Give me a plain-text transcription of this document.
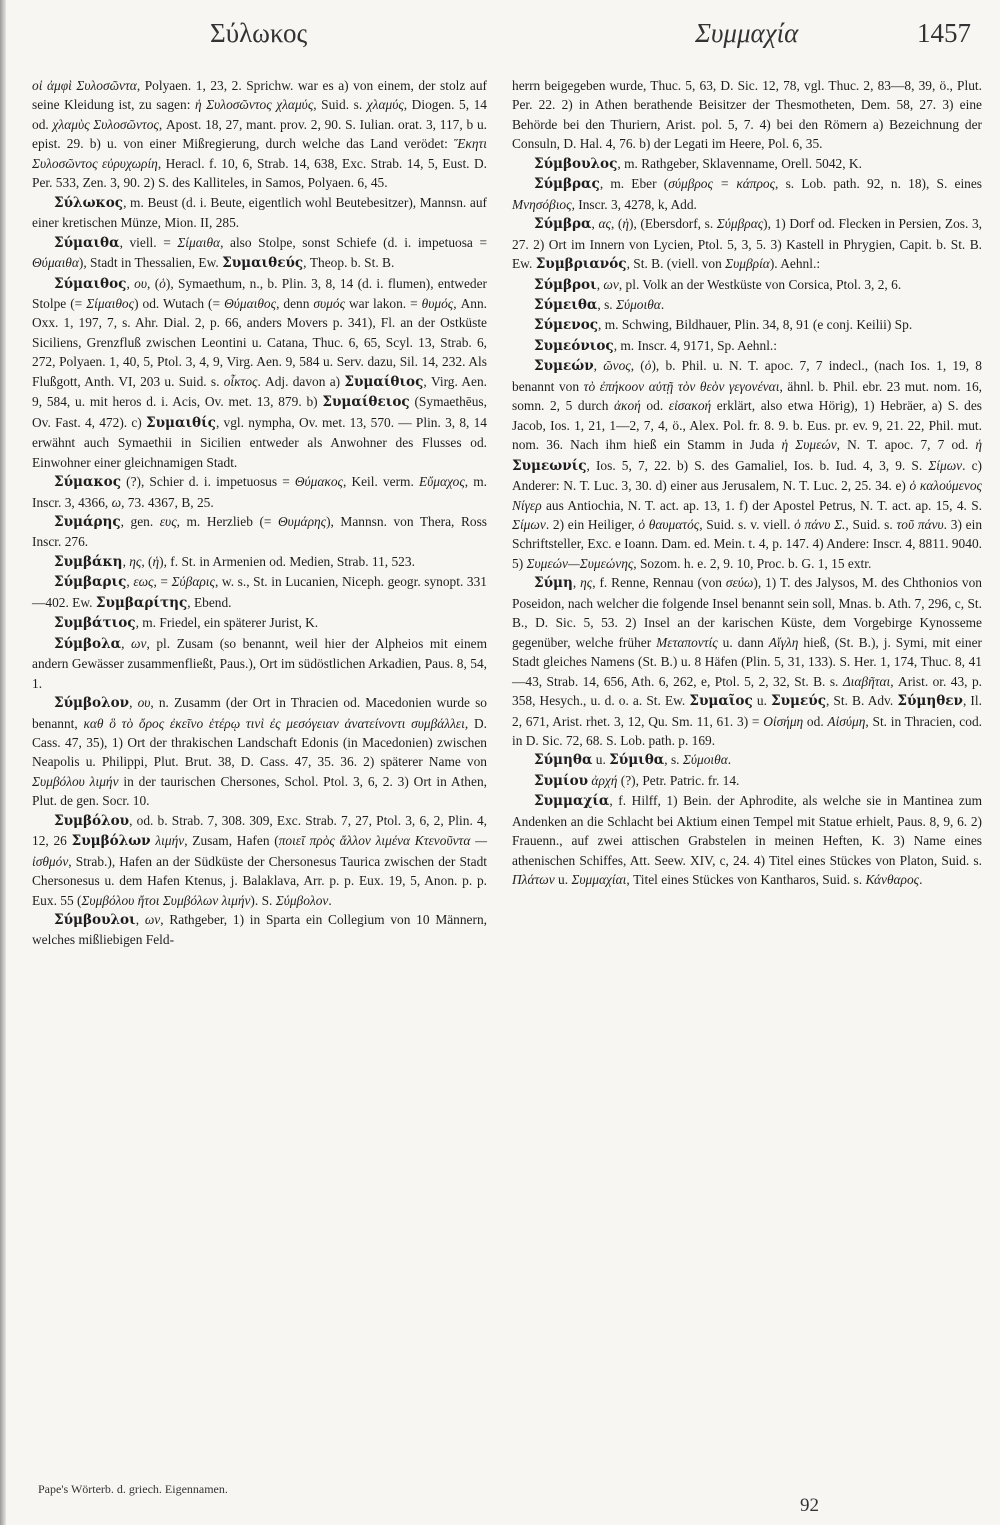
Σύλωκος	Συμμαχία	1457

οἱ ἀμφὶ Συλοσῶντα, Polyaen. 1, 23, 2. Sprichw. war es a) von einem, der stolz auf seine Kleidung ist, zu sagen: ἡ Συλοσῶντος χλαμύς, Suid. s. χλαμύς, Diogen. 5, 14 od. χλαμὺς Συλοσῶντος, Apost. 18, 27, mant. prov. 2, 90. S. Iulian. orat. 3, 117, b u. epist. 29. b) u. von einer Mißregierung, durch welche das Land verödet: Ἕκητι Συλοσῶντος εὐρυχωρίη, Heracl. f. 10, 6, Strab. 14, 638, Exc. Strab. 14, 5, Eust. D. Per. 533, Zen. 3, 90. 2) S. des Kalliteles, in Samos, Polyaen. 6, 45.

Σύλωκος, m. Beust (d. i. Beute, eigentlich wohl Beutebesitzer), Mannsn. auf einer kretischen Münze, Mion. II, 285.

Σύμαιθα, viell. = Σίμαιθα, also Stolpe, sonst Schiefe (d. i. impetuosa = Θύμαιθα), Stadt in Thessalien, Ew. Συμαιθεύς, Theop. b. St. B.

Σύμαιθος, ου, (ὁ), Symaethum, n., b. Plin. 3, 8, 14 (d. i. flumen), entweder Stolpe (= Σίμαιθος) od. Wutach (= Θύμαιθος, denn συμός war lakon. = θυμός, Ann. Oxx. 1, 197, 7, s. Ahr. Dial. 2, p. 66, anders Movers p. 341), Fl. an der Ostküste Siciliens, Grenzfluß zwischen Leontini u. Catana, Thuc. 6, 65, Scyl. 13, Strab. 6, 272, Polyaen. 1, 40, 5, Ptol. 3, 4, 9, Virg. Aen. 9, 584 u. Serv. dazu, Sil. 14, 232. Als Flußgott, Anth. VI, 203 u. Suid. s. οἶκτος. Adj. davon a) Συμαίθιος, Virg. Aen. 9, 584, u. mit heros d. i. Acis, Ov. met. 13, 879. b) Συμαίθειος (Symaethēus, Ov. Fast. 4, 472). c) Συμαιθίς, vgl. nympha, Ov. met. 13, 570. — Plin. 3, 8, 14 erwähnt auch Symaethii in Sicilien entweder als Anwohner des Flusses od. Einwohner einer gleichnamigen Stadt.

Σύμακος (?), Schier d. i. impetuosus = Θύμακος, Keil. verm. Εὔμαχος, m. Inscr. 3, 4366, ω, 73. 4367, B, 25.

Συμάρης, gen. ευς, m. Herzlieb (= Θυμάρης), Mannsn. von Thera, Ross Inscr. 276.

Συμβάκη, ης, (ἡ), f. St. in Armenien od. Medien, Strab. 11, 523.

Σύμβαρις, εως, = Σύβαρις, w. s., St. in Lucanien, Niceph. geogr. synopt. 331—402. Ew. Συμβαρίτης, Ebend.

Συμβάτιος, m. Friedel, ein späterer Jurist, K.

Σύμβολα, ων, pl. Zusam (so benannt, weil hier der Alpheios mit einem andern Gewässer zusammenfließt, Paus.), Ort im südöstlichen Arkadien, Paus. 8, 54, 1.

Σύμβολον, ου, n. Zusamm (der Ort in Thracien od. Macedonien wurde so benannt, καθ ὃ τὸ ὄρος ἐκεῖνο ἑτέρῳ τινὶ ἐς μεσόγειαν ἀνατείνοντι συμβάλλει, D. Cass. 47, 35), 1) Ort der thrakischen Landschaft Edonis (in Macedonien) zwischen Neapolis u. Philippi, Plut. Brut. 38, D. Cass. 47, 35. 36. 2) späterer Name von Συμβόλου λιμήν in der taurischen Chersones, Schol. Ptol. 3, 6, 2. 3) Ort in Athen, Plut. de gen. Socr. 10.

Συμβόλου, od. b. Strab. 7, 308. 309, Exc. Strab. 7, 27, Ptol. 3, 6, 2, Plin. 4, 12, 26 Συμβόλων λιμήν, Zusam, Hafen (ποιεῖ πρὸς ἄλλον λιμένα Κτενοῦντα — ἰσθμόν, Strab.), Hafen an der Südküste der Chersonesus Taurica zwischen der Stadt Chersonesus u. dem Hafen Ktenus, j. Balaklava, Arr. p. p. Eux. 19, 5, Anon. p. p. Eux. 55 (Συμβόλου ἤτοι Συμβόλων λιμήν). S. Σύμβολον.

Σύμβουλοι, ων, Rathgeber, 1) in Sparta ein Collegium von 10 Männern, welches mißliebigen Feld-

herrn beigegeben wurde, Thuc. 5, 63, D. Sic. 12, 78, vgl. Thuc. 2, 83—8, 39, ö., Plut. Per. 22. 2) in Athen berathende Beisitzer der Thesmotheten, Dem. 58, 27. 3) eine Behörde bei den Thuriern, Arist. pol. 5, 7. 4) bei den Römern a) Bezeichnung der Consuln, D. Hal. 4, 76. b) der Legati im Heere, Pol. 6, 35.

Σύμβουλος, m. Rathgeber, Sklavenname, Orell. 5042, K.

Σύμβρας, m. Eber (σύμβρος = κάπρος, s. Lob. path. 92, n. 18), S. eines Μνησόβιος, Inscr. 3, 4278, k, Add.

Σύμβρα, ας, (ἡ), (Ebersdorf, s. Σύμβρας), 1) Dorf od. Flecken in Persien, Zos. 3, 27. 2) Ort im Innern von Lycien, Ptol. 5, 3, 5. 3) Kastell in Phrygien, Capit. b. St. B. Ew. Συμβριανός, St. B. (viell. von Συμβρία). Aehnl.:

Σύμβροι, ων, pl. Volk an der Westküste von Corsica, Ptol. 3, 2, 6.

Σύμειθα, s. Σύμοιθα.

Σύμενος, m. Schwing, Bildhauer, Plin. 34, 8, 91 (e conj. Keilii) Sp.

Συμεόνιος, m. Inscr. 4, 9171, Sp. Aehnl.:

Συμεών, ῶνος, (ὁ), b. Phil. u. N. T. apoc. 7, 7 indecl., (nach Ios. 1, 19, 8 benannt von τὸ ἐπήκοον αὐτῇ τὸν θεὸν γεγονέναι, ähnl. b. Phil. ebr. 23 mut. nom. 16, somn. 2, 5 durch ἀκοή od. εἰσακοή erklärt, also etwa Hörig), 1) Hebräer, a) S. des Jacob, Ios. 1, 21, 1—2, 7, 4, ö., Alex. Pol. fr. 8. 9. b. Eus. pr. ev. 9, 21. 22, Phil. mut. nom. 36. Nach ihm hieß ein Stamm in Juda ἡ Συμεών, N. T. apoc. 7, 7 od. ἡ Συμεωνίς, Ios. 5, 7, 22. b) S. des Gamaliel, Ios. b. Iud. 4, 3, 9. S. Σίμων. c) Anderer: N. T. Luc. 3, 30. d) einer aus Jerusalem, N. T. Luc. 2, 25. 34. e) ὁ καλούμενος Νίγερ aus Antiochia, N. T. act. ap. 13, 1. f) der Apostel Petrus, N. T. act. ap. 15, 4. S. Σίμων. 2) ein Heiliger, ὁ θαυματός, Suid. s. v. viell. ὁ πάνυ Σ., Suid. s. τοῦ πάνυ. 3) ein Schriftsteller, Exc. e Ioann. Dam. ed. Mein. t. 4, p. 147. 4) Andere: Inscr. 4, 8811. 9040. 5) Συμεών—Συμεώνης, Sozom. h. e. 2, 9. 10, Proc. b. G. 1, 15 extr.

Σύμη, ης, f. Renne, Rennau (von σεύω), 1) T. des Jalysos, M. des Chthonios von Poseidon, nach welcher die folgende Insel benannt sein soll, Mnas. b. Ath. 7, 296, c, St. B., D. Sic. 5, 53. 2) Insel an der karischen Küste, dem Vorgebirge Kynosseme gegenüber, welche früher Μεταποντίς u. dann Αἴγλη hieß, (St. B.), j. Symi, mit einer Stadt gleiches Namens (St. B.) u. 8 Häfen (Plin. 5, 31, 133). S. Her. 1, 174, Thuc. 8, 41—43, Strab. 14, 656, Ath. 6, 262, e, Ptol. 5, 2, 32, St. B. s. Διαβῆται, Arist. or. 43, p. 358, Hesych., u. d. o. a. St. Ew. Συμαῖος u. Συμεύς, St. B. Adv. Σύμηθεν, Il. 2, 671, Arist. rhet. 3, 12, Qu. Sm. 11, 61. 3) = Οἰσήμη od. Αἰσύμη, St. in Thracien, cod. in D. Sic. 72, 68. S. Lob. path. p. 169.

Σύμηθα u. Σύμιθα, s. Σύμοιθα.

Συμίου ἀρχή (?), Petr. Patric. fr. 14.

Συμμαχία, f. Hilff, 1) Bein. der Aphrodite, als welche sie in Mantinea zum Andenken an die Schlacht bei Aktium einen Tempel mit Statue erhielt, Paus. 8, 9, 6. 2) Frauenn., auf zwei attischen Grabstelen in meinen Heften, K. 3) Name eines athenischen Schiffes, Att. Seew. XIV, c, 24. 4) Titel eines Stückes von Platon, Suid. s. Πλάτων u. Συμμαχίαι, Titel eines Stückes von Kantharos, Suid. s. Κάνθαρος.

Pape's Wörterb. d. griech. Eigennamen.
92
